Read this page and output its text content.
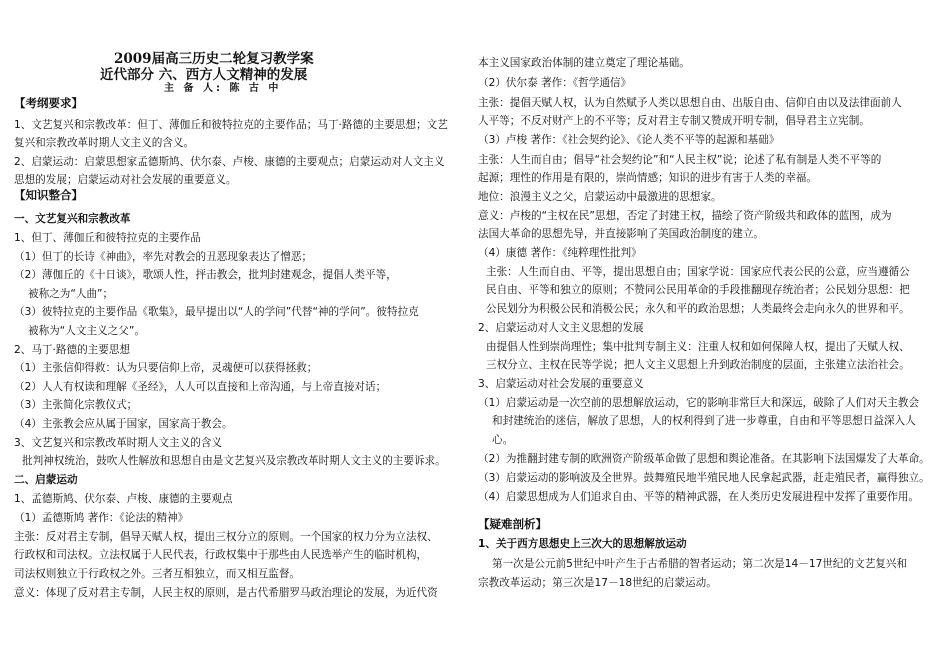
2009届高三历史二轮复习教学案
近代部分 六、西方人文精神的发展
主 备 人: 陈 古 中
【考纲要求】
1、文艺复兴和宗教改革：但丁、薄伽丘和彼特拉克的主要作品；马丁·路德的主要思想；文艺
复兴和宗教改革时期人文主义的含义。
2、启蒙运动：启蒙思想家孟德斯鸠、伏尔泰、卢梭、康德的主要观点；启蒙运动对人文主义
思想的发展；启蒙运动对社会发展的重要意义。
【知识整合】
一、文艺复兴和宗教改革
1、但丁、薄伽丘和彼特拉克的主要作品
（1）但丁的长诗《神曲》，率先对教会的丑恶现象表达了憎恶；
（2）薄伽丘的《十日谈》，歌颂人性，抨击教会，批判封建观念，提倡人类平等，
被称之为“人曲”；
（3）彼特拉克的主要作品《歌集》，最早提出以“人的学问”代替“神的学问”。彼特拉克
被称为“人文主义之父”。
2、马丁·路德的主要思想
（1）主张信仰得救：认为只要信仰上帝，灵魂便可以获得拯救；
（2）人人有权读和理解《圣经》，人人可以直接和上帝沟通，与上帝直接对话；
（3）主张简化宗教仪式；
（4）主张教会应从属于国家，国家高于教会。
3、文艺复兴和宗教改革时期人文主义的含义
批判神权统治，鼓吹人性解放和思想自由是文艺复兴及宗教改革时期人文主义的主要诉求。
二、启蒙运动
1、孟德斯鸠、伏尔泰、卢梭、康德的主要观点
（1）孟德斯鸠 著作：《论法的精神》
主张：反对君主专制，倡导天赋人权，提出三权分立的原则。一个国家的权力分为立法权、
行政权和司法权。立法权属于人民代表，行政权集中于那些由人民选举产生的临时机构，
司法权则独立于行政权之外。三者互相独立，而又相互监督。
意义：体现了反对君主专制，人民主权的原则，是古代希腊罗马政治理论的发展，为近代资
本主义国家政治体制的建立奠定了理论基础。
（2）伏尔泰 著作：《哲学通信》
主张：提倡天赋人权，认为自然赋予人类以思想自由、出版自由、信仰自由以及法律面前人
人平等；不反对财产上的不平等；反对君主专制又赞成开明专制，倡导君主立宪制。
（3）卢梭 著作：《社会契约论》、《论人类不平等的起源和基础》
主张：人生而自由；倡导“社会契约论”和“人民主权”说；论述了私有制是人类不平等的
起源；理性的作用是有限的，崇尚情感；知识的进步有害于人类的幸福。
地位：浪漫主义之父，启蒙运动中最激进的思想家。
意义：卢梭的“主权在民”思想，否定了封建王权，描绘了资产阶级共和政体的蓝图，成为
法国大革命的思想先导，并直接影响了美国政治制度的建立。
（4）康德 著作：《纯粹理性批判》
主张：人生而自由、平等，提出思想自由；国家学说：国家应代表公民的公意，应当遵循公
民自由、平等和独立的原则；不赞同公民用革命的手段推翻现存统治者；公民划分思想：把
公民划分为积极公民和消极公民；永久和平的政治思想；人类最终会走向永久的世界和平。
2、启蒙运动对人文主义思想的发展
由提倡人性到崇尚理性；集中批判专制主义：注重人权和如何保障人权，提出了天赋人权、
三权分立、主权在民等学说；把人文主义思想上升到政治制度的层面，主张建立法治社会。
3、启蒙运动对社会发展的重要意义
（1）启蒙运动是一次空前的思想解放运动，它的影响非常巨大和深远，破除了人们对天主教会
和封建统治的迷信，解放了思想，人的权利得到了进一步尊重，自由和平等思想日益深入人
心。
（2）为推翻封建专制的欧洲资产阶级革命做了思想和舆论准备。在其影响下法国爆发了大革命。
（3）启蒙运动的影响波及全世界。鼓舞殖民地半殖民地人民拿起武器，赶走殖民者，赢得独立。
（4）启蒙思想成为人们追求自由、平等的精神武器，在人类历史发展进程中发挥了重要作用。
【疑难剖析】
1、关于西方思想史上三次大的思想解放运动
第一次是公元前5世纪中叶产生于古希腊的智者运动；第二次是14－17世纪的文艺复兴和
宗教改革运动；第三次是17－18世纪的启蒙运动。
